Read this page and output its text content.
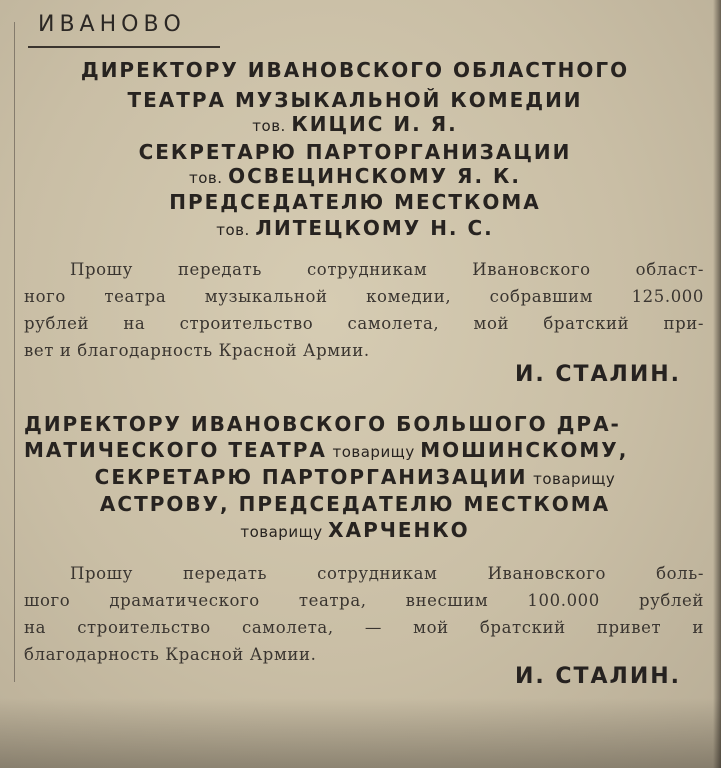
ИВАНОВО
ДИРЕКТОРУ ИВАНОВСКОГО ОБЛАСТНОГО
ТЕАТРА МУЗЫКАЛЬНОЙ КОМЕДИИ
тов. КИЦИС И. Я.
СЕКРЕТАРЮ ПАРТОРГАНИЗАЦИИ
тов. ОСВЕЦИНСКОМУ Я. К.
ПРЕДСЕДАТЕЛЮ МЕСТКОМА
тов. ЛИТЕЦКОМУ Н. С.
Прошу передать сотрудникам Ивановского област-
ного театра музыкальной комедии, собравшим 125.000
рублей на строительство самолета, мой братский при-
вет и благодарность Красной Армии.
И. СТАЛИН.
ДИРЕКТОРУ ИВАНОВСКОГО БОЛЬШОГО ДРА-
МАТИЧЕСКОГО ТЕАТРА товарищу МОШИНСКОМУ,
СЕКРЕТАРЮ ПАРТОРГАНИЗАЦИИ товарищу
АСТРОВУ, ПРЕДСЕДАТЕЛЮ МЕСТКОМА
товарищу ХАРЧЕНКО
Прошу передать сотрудникам Ивановского боль-
шого драматического театра, внесшим 100.000 рублей
на строительство самолета, — мой братский привет и
благодарность Красной Армии.
И. СТАЛИН.
